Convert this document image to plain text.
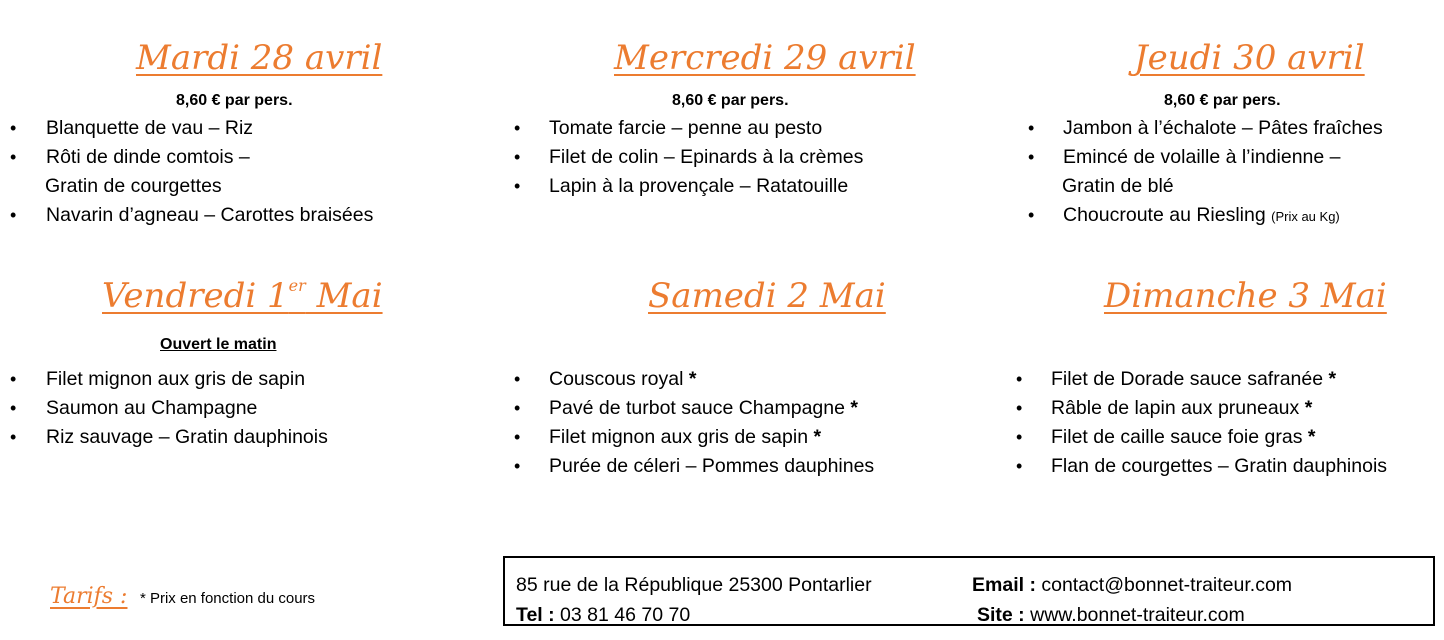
Mardi 28 avril
8,60 € par pers.
• Blanquette de vau – Riz
• Rôti de dinde comtois –
Gratin de courgettes
• Navarin d’agneau – Carottes braisées
Mercredi 29 avril
8,60 € par pers.
• Tomate farcie – penne au pesto
• Filet de colin – Epinards à la crèmes
• Lapin à la provençale – Ratatouille
Jeudi 30 avril
8,60 € par pers.
• Jambon à l’échalote – Pâtes fraîches
• Emincé de volaille à l’indienne –
Gratin de blé
• Choucroute au Riesling (Prix au Kg)
Vendredi 1er Mai
Ouvert le matin
• Filet mignon aux gris de sapin
• Saumon au Champagne
• Riz sauvage – Gratin dauphinois
Samedi 2 Mai
• Couscous royal *
• Pavé de turbot sauce Champagne *
• Filet mignon aux gris de sapin *
• Purée de céleri – Pommes dauphines
Dimanche 3 Mai
• Filet de Dorade sauce safranée *
• Râble de lapin aux pruneaux *
• Filet de caille sauce foie gras *
• Flan de courgettes – Gratin dauphinois
Tarifs : * Prix en fonction du cours
85 rue de la République 25300 Pontarlier
Tel : 03 81 46 70 70
Email : contact@bonnet-traiteur.com
Site : www.bonnet-traiteur.com
